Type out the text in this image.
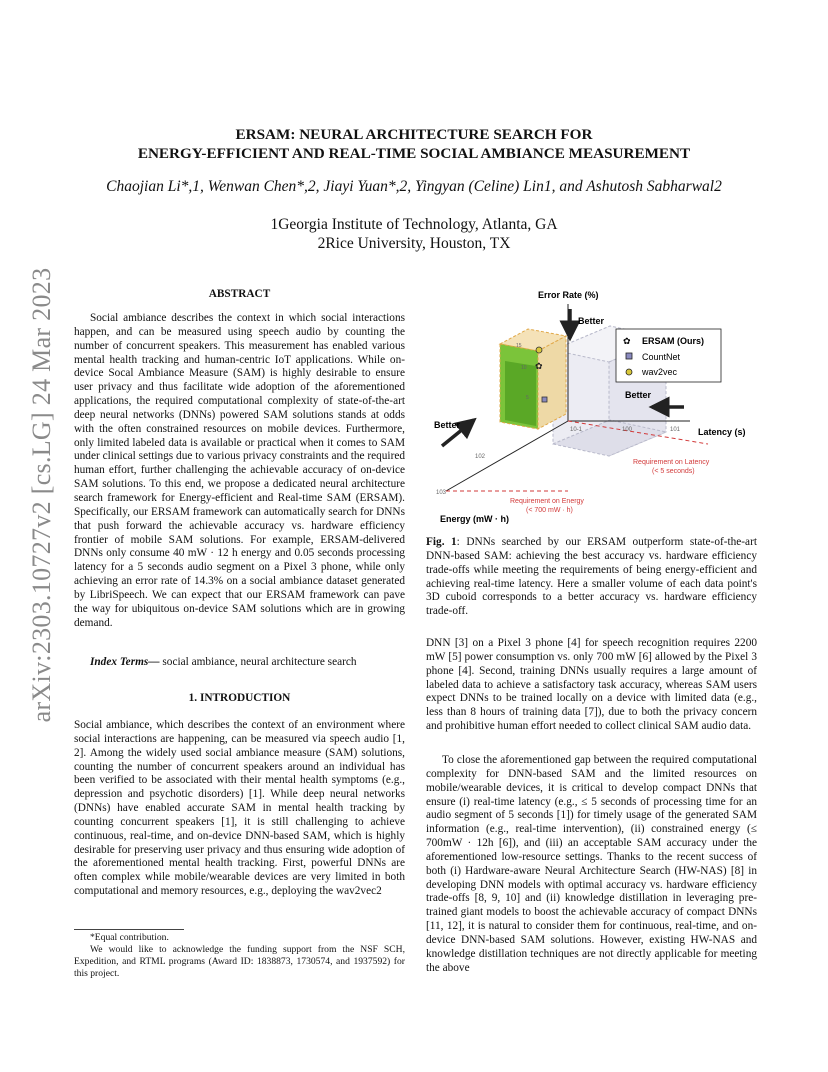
arXiv:2303.10727v2 [cs.LG] 24 Mar 2023
ERSAM: NEURAL ARCHITECTURE SEARCH FOR
ENERGY-EFFICIENT AND REAL-TIME SOCIAL AMBIANCE MEASUREMENT
Chaojian Li*,1, Wenwan Chen*,2, Jiayi Yuan*,2, Yingyan (Celine) Lin1, and Ashutosh Sabharwal2
1Georgia Institute of Technology, Atlanta, GA
2Rice University, Houston, TX
ABSTRACT

Social ambiance describes the context in which social interactions happen, and can be measured using speech audio by counting the number of concurrent speakers. This measurement has enabled various mental health tracking and human-centric IoT applications. While on-device Socal Ambiance Measure (SAM) is highly desirable to ensure user privacy and thus facilitate wide adoption of the aforementioned applications, the required computational complexity of state-of-the-art deep neural networks (DNNs) powered SAM solutions stands at odds with the often constrained resources on mobile devices. Furthermore, only limited labeled data is available or practical when it comes to SAM under clinical settings due to various privacy constraints and the required human effort, further challenging the achievable accuracy of on-device SAM solutions. To this end, we propose a dedicated neural architecture search framework for Energy-efficient and Real-time SAM (ERSAM). Specifically, our ERSAM framework can automatically search for DNNs that push forward the achievable accuracy vs. hardware efficiency frontier of mobile SAM solutions. For example, ERSAM-delivered DNNs only consume 40 mW · 12 h energy and 0.05 seconds processing latency for a 5 seconds audio segment on a Pixel 3 phone, while only achieving an error rate of 14.3% on a social ambiance dataset generated by LibriSpeech. We can expect that our ERSAM framework can pave the way for ubiquitous on-device SAM solutions which are in growing demand.

Index Terms— social ambiance, neural architecture search

1. INTRODUCTION

Social ambiance, which describes the context of an environment where social interactions are happening, can be measured via speech audio [1, 2]. Among the widely used social ambiance measure (SAM) solutions, counting the number of concurrent speakers around an individual has been verified to be associated with their mental health symptoms (e.g., depression and psychotic disorders) [1]. While deep neural networks (DNNs) have enabled accurate SAM in mental health tracking by counting concurrent speakers [1], it is still challenging to achieve continuous, real-time, and on-device DNN-based SAM, which is highly desirable for preserving user privacy and thus ensuring wide adoption of the aforementioned mental health tracking. First, powerful DNNs are often complex while mobile/wearable devices are very limited in both computational and memory resources, e.g., deploying the wav2vec2

*Equal contribution.

We would like to acknowledge the funding support from the NSF SCH, Expedition, and RTML programs (Award ID: 1838873, 1730574, and 1937592) for this project.

Error Rate (%)
Latency (s)
Energy (mW · h)
15
10
5
10-1	100	101
102
103
✿
Better
Better
Better
✿ ERSAM (Ours)
CountNet
wav2vec
Requirement on Latency
(< 5 seconds)
Requirement on Energy
(< 700 mW · h)

Fig. 1: DNNs searched by our ERSAM outperform state-of-the-art DNN-based SAM: achieving the best accuracy vs. hardware efficiency trade-offs while meeting the requirements of being energy-efficient and achieving real-time latency. Here a smaller volume of each data point's 3D cuboid corresponds to a better accuracy vs. hardware efficiency trade-off.

DNN [3] on a Pixel 3 phone [4] for speech recognition requires 2200 mW [5] power consumption vs. only 700 mW [6] allowed by the Pixel 3 phone [4]. Second, training DNNs usually requires a large amount of labeled data to achieve a satisfactory task accuracy, whereas SAM users expect DNNs to be trained locally on a device with limited data (e.g., less than 8 hours of training data [7]), due to both the privacy concern and prohibitive human effort needed to collect clinical SAM audio data.

To close the aforementioned gap between the required computational complexity for DNN-based SAM and the limited resources on mobile/wearable devices, it is critical to develop compact DNNs that ensure (i) real-time latency (e.g., ≤ 5 seconds of processing time for an audio segment of 5 seconds [1]) for timely usage of the generated SAM information (e.g., real-time intervention), (ii) constrained energy (≤ 700mW · 12h [6]), and (iii) an acceptable SAM accuracy under the aforementioned low-resource settings. Thanks to the recent success of both (i) Hardware-aware Neural Architecture Search (HW-NAS) [8] in developing DNN models with optimal accuracy vs. hardware efficiency trade-offs [8, 9, 10] and (ii) knowledge distillation in leveraging pre-trained giant models to boost the achievable accuracy of compact DNNs [11, 12], it is natural to consider them for continuous, real-time, and on-device DNN-based SAM solutions. However, existing HW-NAS and knowledge distillation techniques are not directly applicable for meeting the above
